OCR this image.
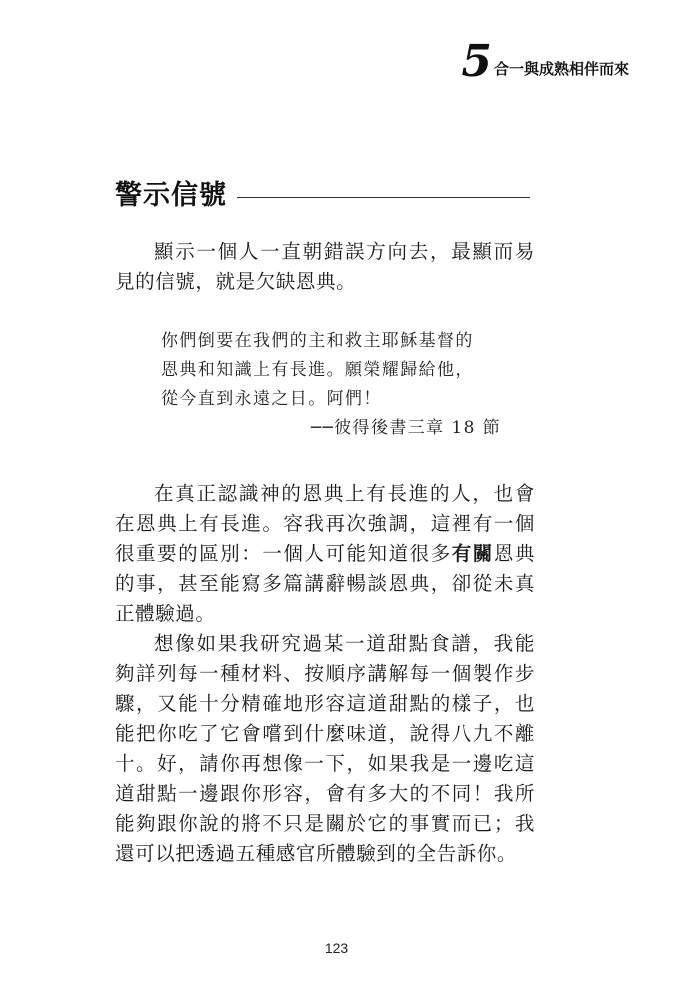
5 合一與成熟相伴而來
警示信號

顯示一個人一直朝錯誤方向去，最顯而易見的信號，就是欠缺恩典。

你們倒要在我們的主和救主耶穌基督的
恩典和知識上有長進。願榮耀歸給他，
從今直到永遠之日。阿們！
──彼得後書三章 18 節

在真正認識神的恩典上有長進的人，也會在恩典上有長進。容我再次強調，這裡有一個很重要的區別：一個人可能知道很多有關恩典的事，甚至能寫多篇講辭暢談恩典，卻從未真正體驗過。

想像如果我研究過某一道甜點食譜，我能夠詳列每一種材料、按順序講解每一個製作步驟，又能十分精確地形容這道甜點的樣子，也能把你吃了它會嚐到什麼味道，說得八九不離十。好，請你再想像一下，如果我是一邊吃這道甜點一邊跟你形容，會有多大的不同！我所能夠跟你說的將不只是關於它的事實而已；我還可以把透過五種感官所體驗到的全告訴你。

123
